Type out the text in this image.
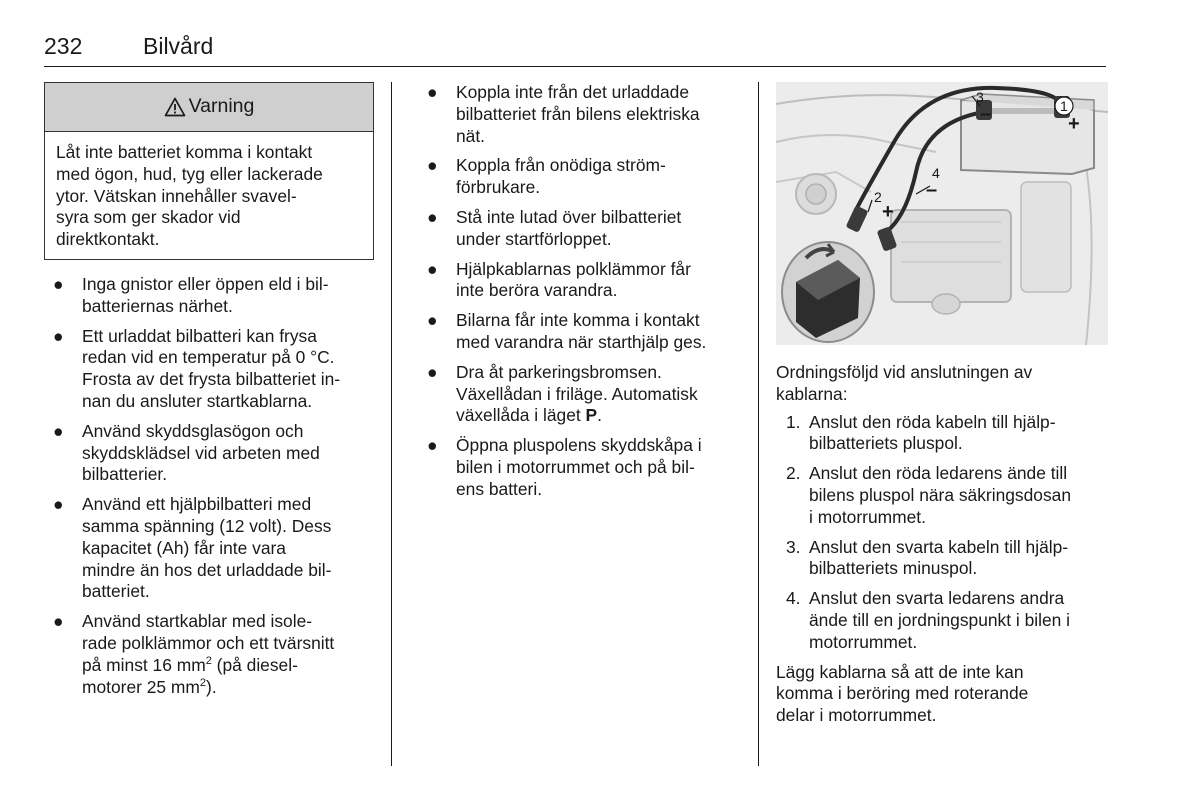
232	Bilvård
Varning
Låt inte batteriet komma i kontakt
med ögon, hud, tyg eller lackerade
ytor. Vätskan innehåller svavel-
syra som ger skador vid
direktkontakt.
● Inga gnistor eller öppen eld i bil-
batteriernas närhet.
● Ett urladdat bilbatteri kan frysa
redan vid en temperatur på 0 °C.
Frosta av det frysta bilbatteriet in-
nan du ansluter startkablarna.
● Använd skyddsglasögon och
skyddsklädsel vid arbeten med
bilbatterier.
● Använd ett hjälpbilbatteri med
samma spänning (12 volt). Dess
kapacitet (Ah) får inte vara
mindre än hos det urladdade bil-
batteriet.
● Använd startkablar med isole-
rade polklämmor och ett tvärsnitt
på minst 16 $mm^2$ (på diesel-
motorer 25 $mm^2$).
● Koppla inte från det urladdade
bilbatteriet från bilens elektriska
nät.
● Koppla från onödiga ström-
förbrukare.
● Stå inte lutad över bilbatteriet
under startförloppet.
● Hjälpkablarnas polklämmor får
inte beröra varandra.
● Bilarna får inte komma i kontakt
med varandra när starthjälp ges.
● Dra åt parkeringsbromsen.
Växellådan i friläge. Automatisk
växellåda i läget P.
● Öppna pluspolens skyddskåpa i
bilen i motorrummet och på bil-
ens batteri.
1
2
3
4
+
+
–
–
Ordningsföljd vid anslutningen av
kablarna:
1. Anslut den röda kabeln till hjälp-
bilbatteriets pluspol.
2. Anslut den röda ledarens ände till
bilens pluspol nära säkringsdosan
i motorrummet.
3. Anslut den svarta kabeln till hjälp-
bilbatteriets minuspol.
4. Anslut den svarta ledarens andra
ände till en jordningspunkt i bilen i
motorrummet.
Lägg kablarna så att de inte kan
komma i beröring med roterande
delar i motorrummet.
